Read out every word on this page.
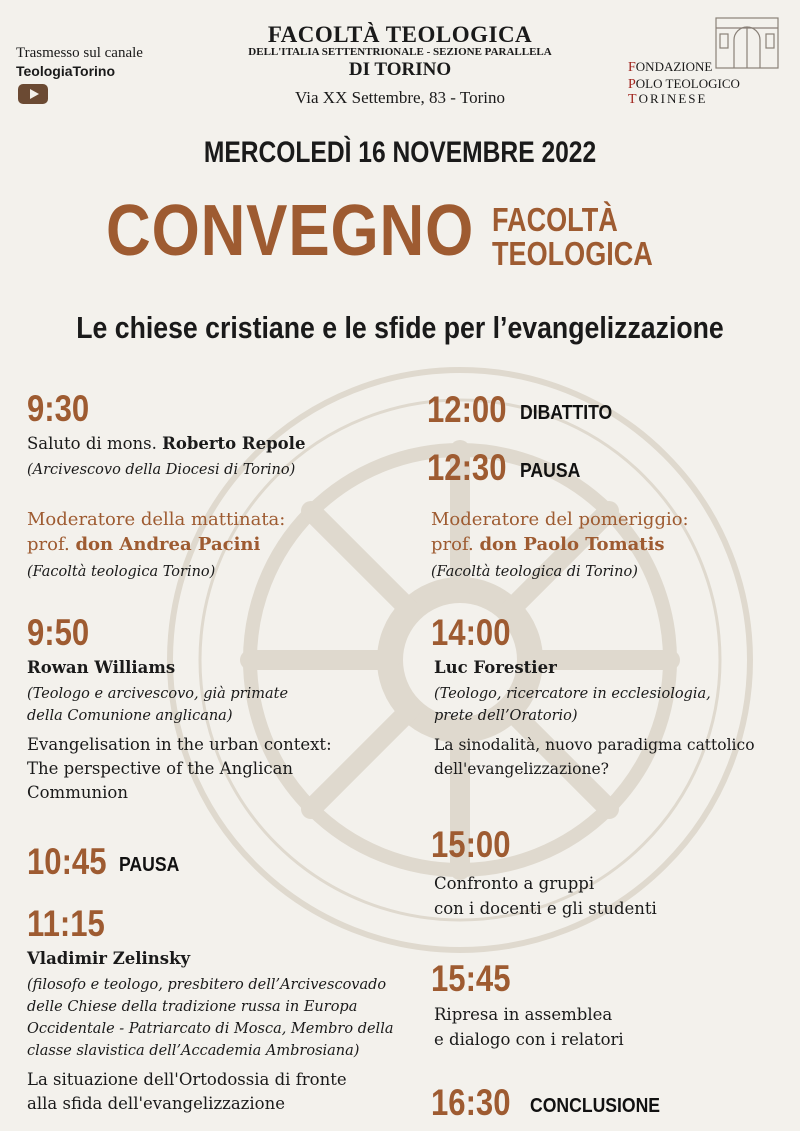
Trasmesso sul canale
TeologiaTorino
FACOLTÀ TEOLOGICA
DELL'ITALIA SETTENTRIONALE - SEZIONE PARALLELA
DI TORINO
Via XX Settembre, 83 - Torino
FONDAZIONE
POLO TEOLOGICO
TORINESE
MERCOLEDÌ 16 NOVEMBRE 2022
CONVEGNO FACOLTÀ
TEOLOGICA
Le chiese cristiane e le sfide per l’evangelizzazione
9:30
Saluto di mons. Roberto Repole
(Arcivescovo della Diocesi di Torino)
Moderatore della mattinata:
prof. don Andrea Pacini
(Facoltà teologica Torino)
9:50
Rowan Williams
(Teologo e arcivescovo, già primate
della Comunione anglicana)
Evangelisation in the urban context:
The perspective of the Anglican
Communion
10:45 PAUSA
11:15
Vladimir Zelinsky
(filosofo e teologo, presbitero dell’Arcivescovado
delle Chiese della tradizione russa in Europa
Occidentale - Patriarcato di Mosca, Membro della
classe slavistica dell’Accademia Ambrosiana)
La situazione dell'Ortodossia di fronte
alla sfida dell'evangelizzazione
12:00 DIBATTITO
12:30 PAUSA
Moderatore del pomeriggio:
prof. don Paolo Tomatis
(Facoltà teologica di Torino)
14:00
Luc Forestier
(Teologo, ricercatore in ecclesiologia,
prete dell’Oratorio)
La sinodalità, nuovo paradigma cattolico
dell'evangelizzazione?
15:00
Confronto a gruppi
con i docenti e gli studenti
15:45
Ripresa in assemblea
e dialogo con i relatori
16:30 CONCLUSIONE
